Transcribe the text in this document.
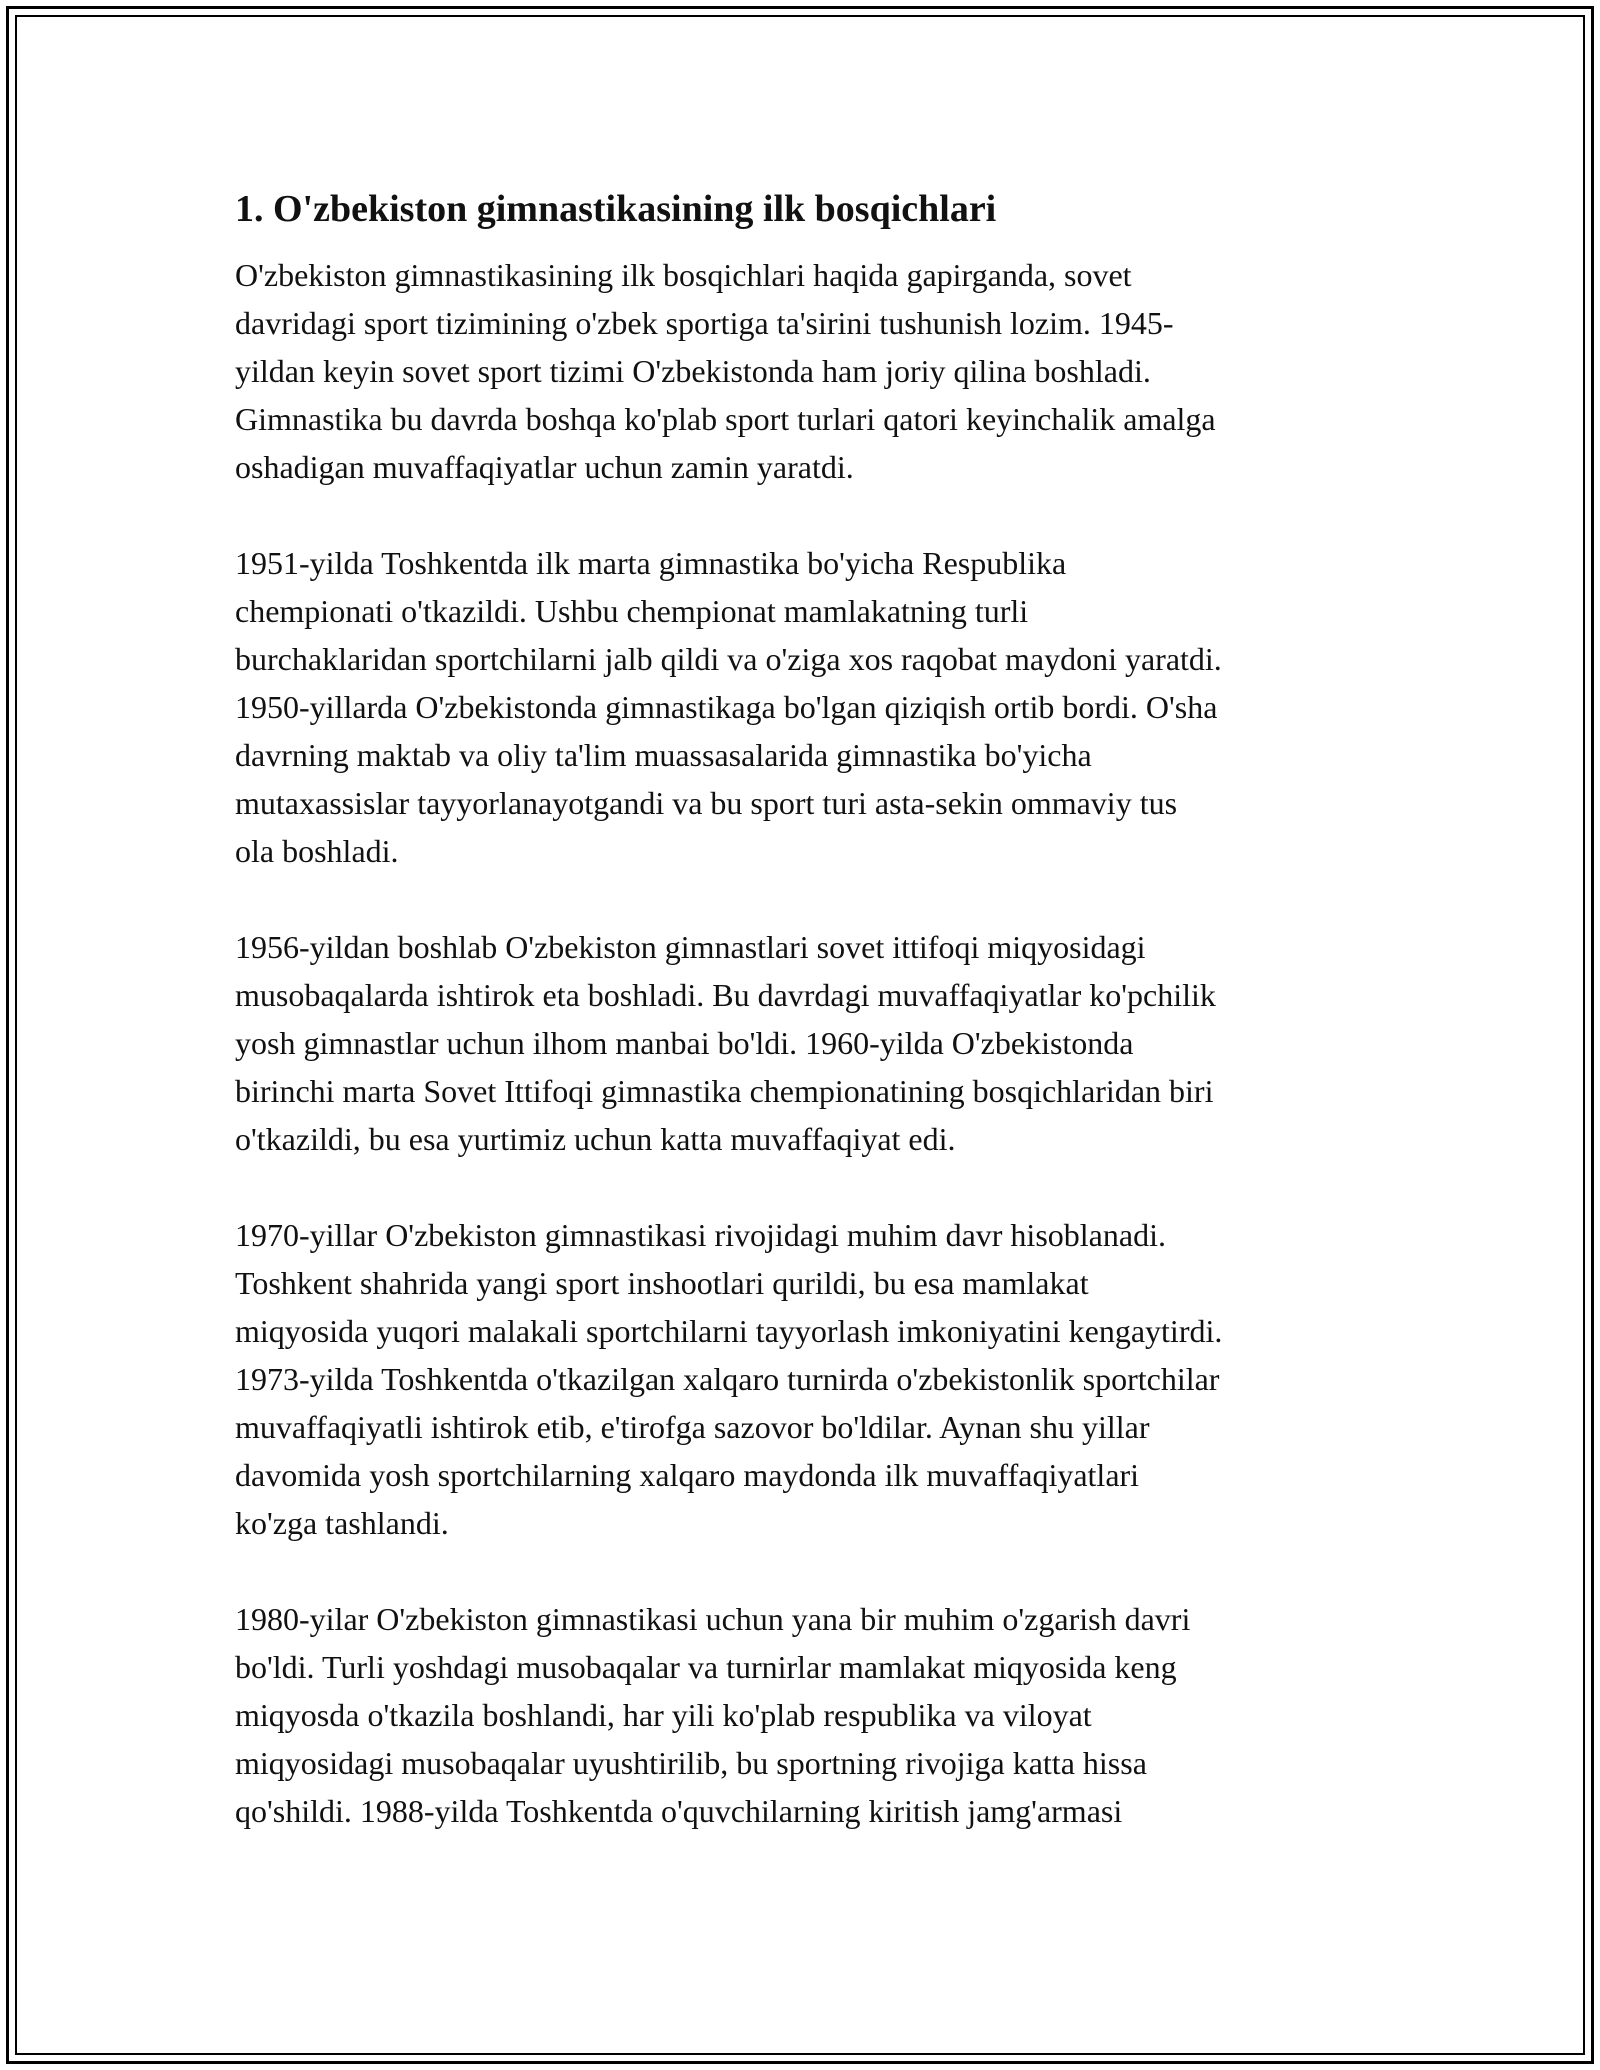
1. O'zbekiston gimnastikasining ilk bosqichlari

O'zbekiston gimnastikasining ilk bosqichlari haqida gapirganda, sovet
davridagi sport tizimining o'zbek sportiga ta'sirini tushunish lozim. 1945-
yildan keyin sovet sport tizimi O'zbekistonda ham joriy qilina boshladi.
Gimnastika bu davrda boshqa ko'plab sport turlari qatori keyinchalik amalga
oshadigan muvaffaqiyatlar uchun zamin yaratdi.

1951-yilda Toshkentda ilk marta gimnastika bo'yicha Respublika
chempionati o'tkazildi. Ushbu chempionat mamlakatning turli
burchaklaridan sportchilarni jalb qildi va o'ziga xos raqobat maydoni yaratdi.
1950-yillarda O'zbekistonda gimnastikaga bo'lgan qiziqish ortib bordi. O'sha
davrning maktab va oliy ta'lim muassasalarida gimnastika bo'yicha
mutaxassislar tayyorlanayotgandi va bu sport turi asta-sekin ommaviy tus
ola boshladi.

1956-yildan boshlab O'zbekiston gimnastlari sovet ittifoqi miqyosidagi
musobaqalarda ishtirok eta boshladi. Bu davrdagi muvaffaqiyatlar ko'pchilik
yosh gimnastlar uchun ilhom manbai bo'ldi. 1960-yilda O'zbekistonda
birinchi marta Sovet Ittifoqi gimnastika chempionatining bosqichlaridan biri
o'tkazildi, bu esa yurtimiz uchun katta muvaffaqiyat edi.

1970-yillar O'zbekiston gimnastikasi rivojidagi muhim davr hisoblanadi.
Toshkent shahrida yangi sport inshootlari qurildi, bu esa mamlakat
miqyosida yuqori malakali sportchilarni tayyorlash imkoniyatini kengaytirdi.
1973-yilda Toshkentda o'tkazilgan xalqaro turnirda o'zbekistonlik sportchilar
muvaffaqiyatli ishtirok etib, e'tirofga sazovor bo'ldilar. Aynan shu yillar
davomida yosh sportchilarning xalqaro maydonda ilk muvaffaqiyatlari
ko'zga tashlandi.

1980-yilar O'zbekiston gimnastikasi uchun yana bir muhim o'zgarish davri
bo'ldi. Turli yoshdagi musobaqalar va turnirlar mamlakat miqyosida keng
miqyosda o'tkazila boshlandi, har yili ko'plab respublika va viloyat
miqyosidagi musobaqalar uyushtirilib, bu sportning rivojiga katta hissa
qo'shildi. 1988-yilda Toshkentda o'quvchilarning kiritish jamg'armasi
